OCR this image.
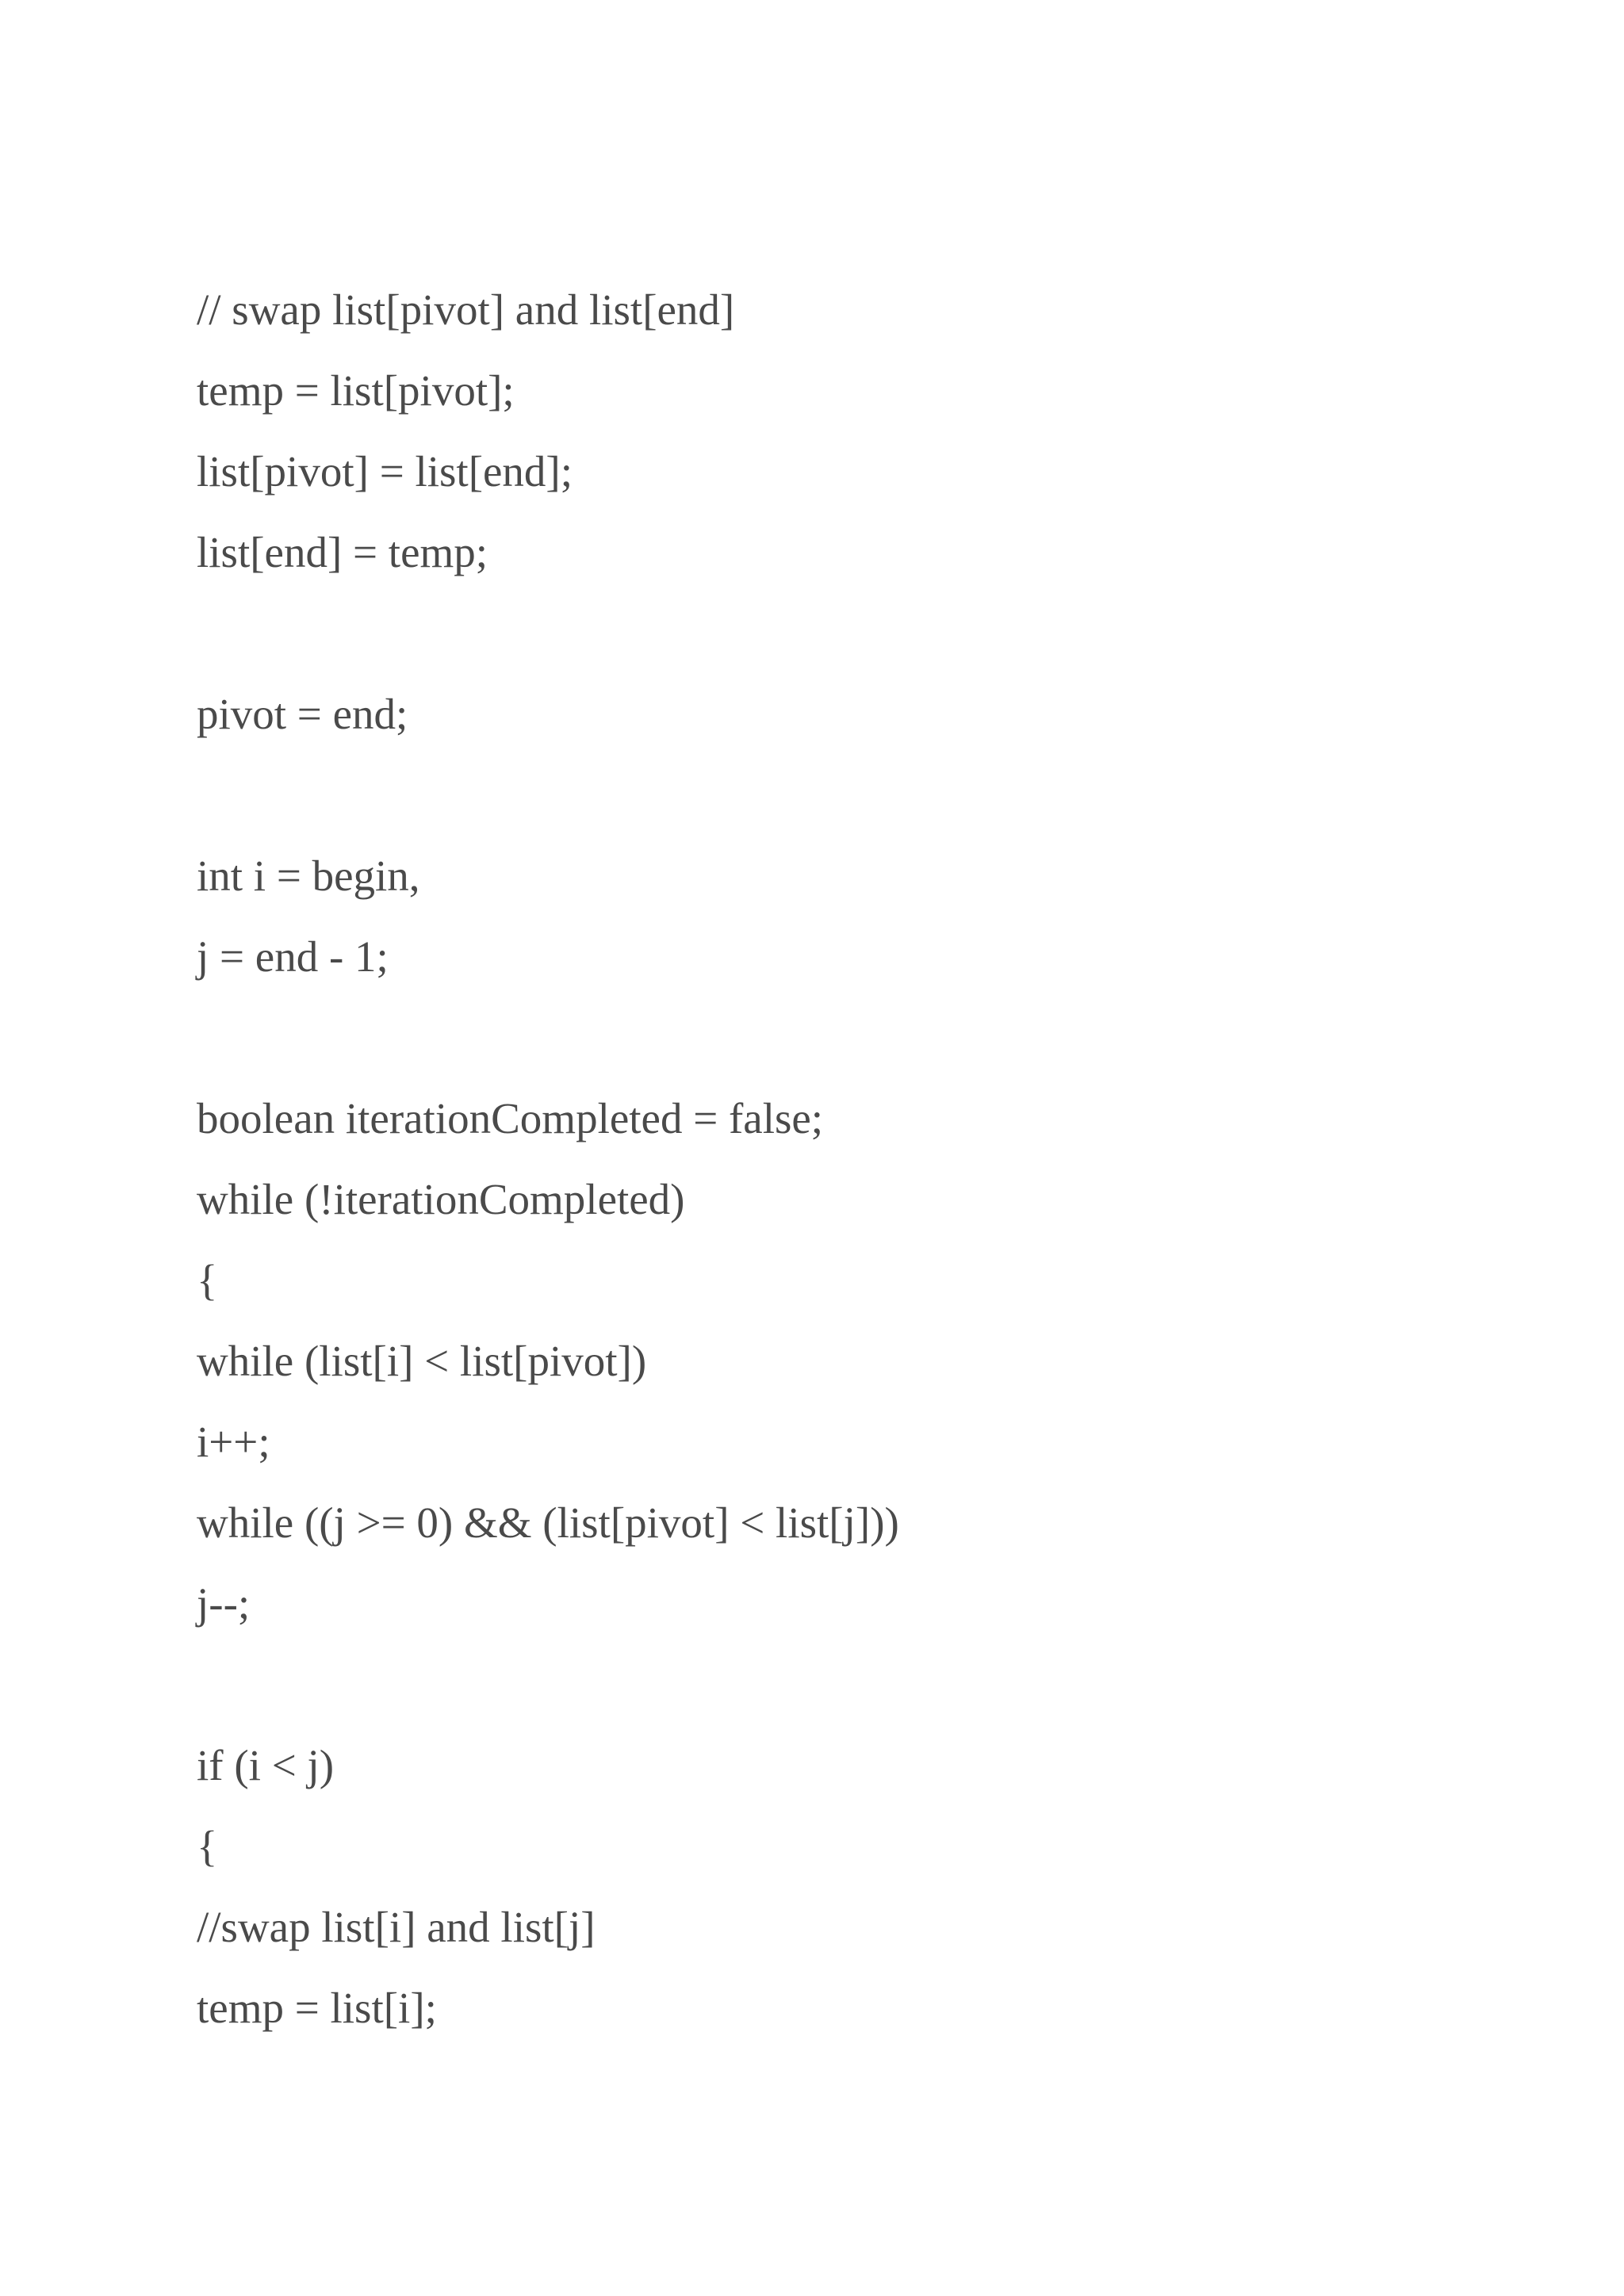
// swap list[pivot] and list[end]
temp = list[pivot];
list[pivot] = list[end];
list[end] = temp;
pivot = end;
int i = begin,
j = end - 1;
boolean iterationCompleted = false;
while (!iterationCompleted)
{
while (list[i] < list[pivot])
i++;
while ((j >= 0) && (list[pivot] < list[j]))
j--;
if (i < j)
{
//swap list[i] and list[j]
temp = list[i];
